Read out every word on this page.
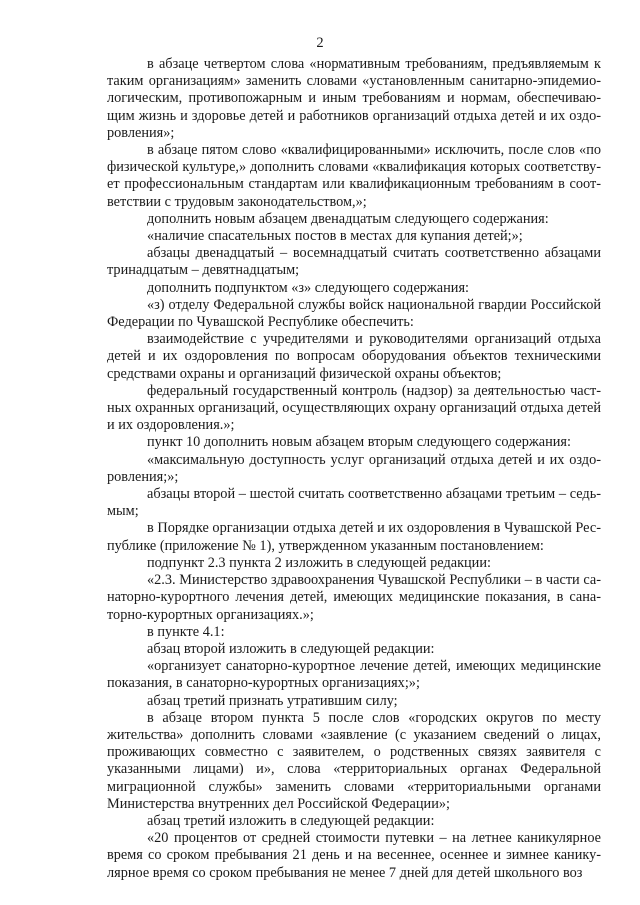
2

в абзаце четвертом слова «нормативным требованиям, предъявляемым к таким организациям» заменить словами «установленным санитарно-эпидемиологическим, противопожарным и иным требованиям и нормам, обеспечивающим жизнь и здоровье детей и работников организаций отдыха детей и их оздоровления»;

в абзаце пятом слово «квалифицированными» исключить, после слов «по физической культуре,» дополнить словами «квалификация которых соответствует профессиональным стандартам или квалификационным требованиям в соответствии с трудовым законодательством,»;

дополнить новым абзацем двенадцатым следующего содержания:

«наличие спасательных постов в местах для купания детей;»;

абзацы двенадцатый – восемнадцатый считать соответственно абзацами тринадцатым – девятнадцатым;

дополнить подпунктом «з» следующего содержания:

«з) отделу Федеральной службы войск национальной гвардии Российской Федерации по Чувашской Республике обеспечить:

взаимодействие с учредителями и руководителями организаций отдыха детей и их оздоровления по вопросам оборудования объектов техническими средствами охраны и организаций физической охраны объектов;

федеральный государственный контроль (надзор) за деятельностью частных охранных организаций, осуществляющих охрану организаций отдыха детей и их оздоровления.»;

пункт 10 дополнить новым абзацем вторым следующего содержания:

«максимальную доступность услуг организаций отдыха детей и их оздоровления;»;

абзацы второй – шестой считать соответственно абзацами третьим – седьмым;

в Порядке организации отдыха детей и их оздоровления в Чувашской Республике (приложение № 1), утвержденном указанным постановлением:

подпункт 2.3 пункта 2 изложить в следующей редакции:

«2.3. Министерство здравоохранения Чувашской Республики – в части санаторно-курортного лечения детей, имеющих медицинские показания, в санаторно-курортных организациях.»;

в пункте 4.1:

абзац второй изложить в следующей редакции:

«организует санаторно-курортное лечение детей, имеющих медицинские показания, в санаторно-курортных организациях;»;

абзац третий признать утратившим силу;

в абзаце втором пункта 5 после слов «городских округов по месту жительства» дополнить словами «заявление (с указанием сведений о лицах, проживающих совместно с заявителем, о родственных связях заявителя с указанными лицами) и», слова «территориальных органах Федеральной миграционной службы» заменить словами «территориальными органами Министерства внутренних дел Российской Федерации»;

абзац третий изложить в следующей редакции:

«20 процентов от средней стоимости путевки – на летнее каникулярное время со сроком пребывания 21 день и на весеннее, осеннее и зимнее каникулярное время со сроком пребывания не менее 7 дней для детей школьного воз
